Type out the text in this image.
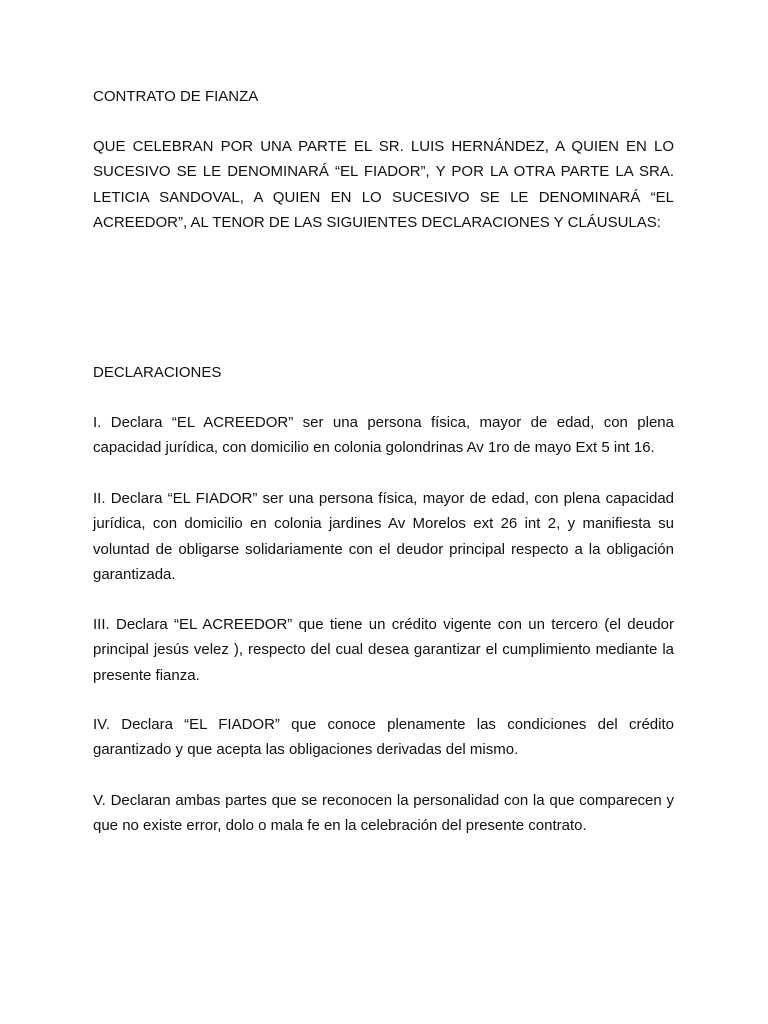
CONTRATO DE FIANZA

QUE CELEBRAN POR UNA PARTE EL SR. LUIS HERNÁNDEZ, A QUIEN EN LO SUCESIVO SE LE DENOMINARÁ “EL FIADOR”, Y POR LA OTRA PARTE LA SRA. LETICIA SANDOVAL, A QUIEN EN LO SUCESIVO SE LE DENOMINARÁ “EL ACREEDOR”, AL TENOR DE LAS SIGUIENTES DECLARACIONES Y CLÁUSULAS:

DECLARACIONES

I. Declara “EL ACREEDOR” ser una persona física, mayor de edad, con plena capacidad jurídica, con domicilio en colonia golondrinas Av 1ro de mayo Ext 5 int 16.

II. Declara “EL FIADOR” ser una persona física, mayor de edad, con plena capacidad jurídica, con domicilio en colonia jardines Av Morelos ext 26 int 2, y manifiesta su voluntad de obligarse solidariamente con el deudor principal respecto a la obligación garantizada.

III. Declara “EL ACREEDOR” que tiene un crédito vigente con un tercero (el deudor principal jesús velez ), respecto del cual desea garantizar el cumplimiento mediante la presente fianza.

IV. Declara “EL FIADOR” que conoce plenamente las condiciones del crédito garantizado y que acepta las obligaciones derivadas del mismo.

V. Declaran ambas partes que se reconocen la personalidad con la que comparecen y que no existe error, dolo o mala fe en la celebración del presente contrato.
